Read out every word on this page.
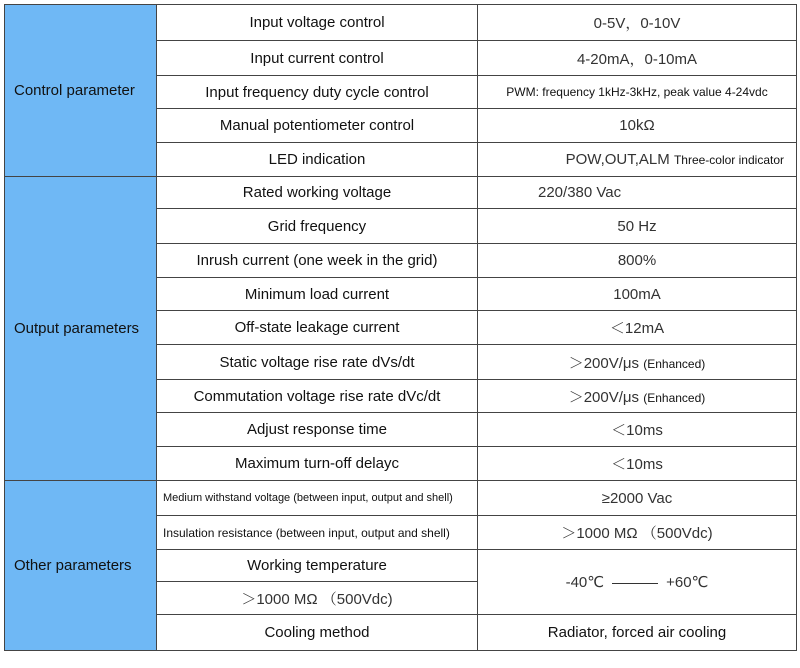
Control parameter	Input voltage control	0-5V，0-10V
	Input current control	4-20mA，0-10mA
	Input frequency duty cycle control	PWM: frequency 1kHz-3kHz, peak value 4-24vdc
	Manual potentiometer control	10kΩ
	LED indication	POW,OUT,ALM Three-color indicator
Output parameters	Rated working voltage	220/380 Vac
	Grid frequency	50 Hz
	Inrush current (one week in the grid)	800%
	Minimum load current	100mA
	Off-state leakage current	＜12mA
	Static voltage rise rate dVs/dt	＞200V/μs (Enhanced)
	Commutation voltage rise rate dVc/dt	＞200V/μs (Enhanced)
	Adjust response time	＜10ms
	Maximum turn-off delayc	＜10ms
Other parameters	Medium withstand voltage (between input, output and shell)	≥2000 Vac
	Insulation resistance (between input, output and shell)	＞1000 MΩ （500Vdc)
	Working temperature	-40℃ +60℃
	＞1000 MΩ （500Vdc)	
	Cooling method	Radiator, forced air cooling
